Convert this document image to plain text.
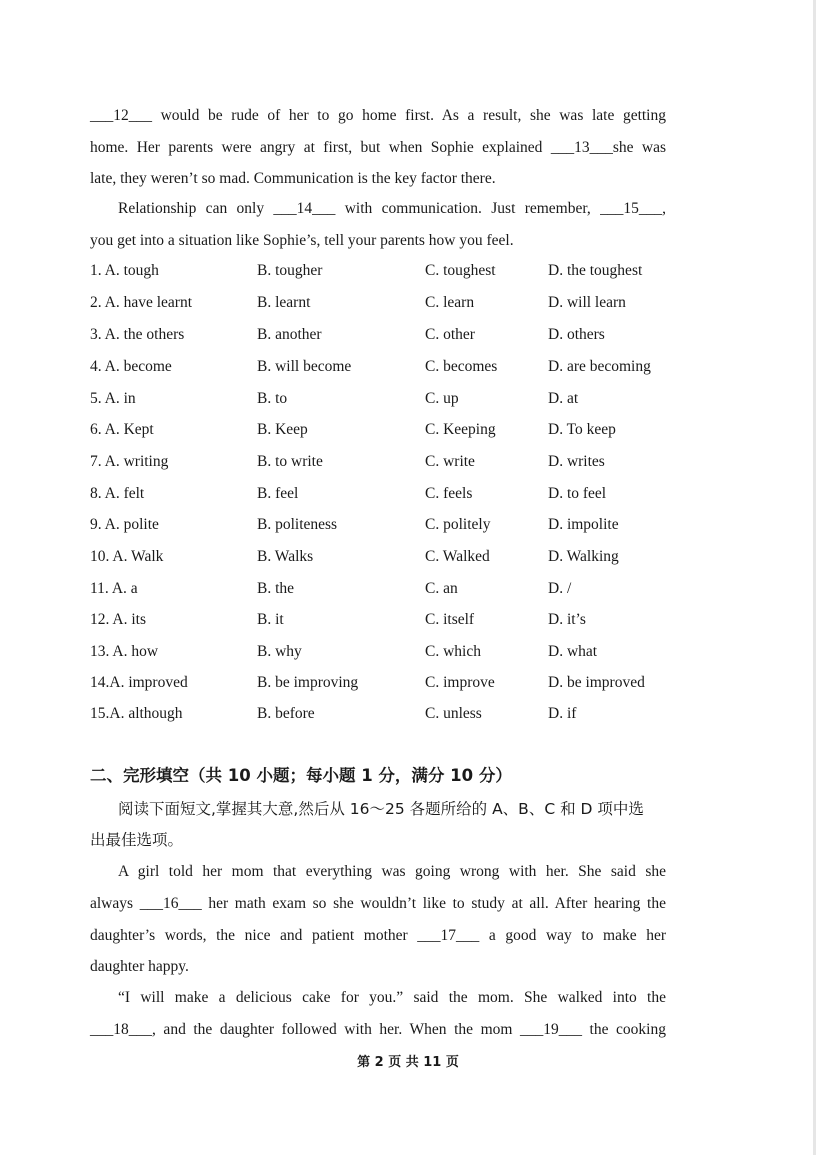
___12___ would be rude of her to go home first. As a result, she was late getting
home. Her parents were angry at first, but when Sophie explained ___13___she was
late, they weren’t so mad. Communication is the key factor there.
Relationship can only ___14___ with communication. Just remember, ___15___,
you get into a situation like Sophie’s, tell your parents how you feel.
1. A. tough	B. tougher	C. toughest	D. the toughest
2. A. have learnt	B. learnt	C. learn	D. will learn
3. A. the others	B. another	C. other	D. others
4. A. become	B. will become	C. becomes	D. are becoming
5. A. in	B. to	C. up	D. at
6. A. Kept	B. Keep	C. Keeping	D. To keep
7. A. writing	B. to write	C. write	D. writes
8. A. felt	B. feel	C. feels	D. to feel
9. A. polite	B. politeness	C. politely	D. impolite
10. A. Walk	B. Walks	C. Walked	D. Walking
11. A. a	B. the	C. an	D. /
12. A. its	B. it	C. itself	D. it’s
13. A. how	B. why	C. which	D. what
14.A. improved	B. be improving	C. improve	D. be improved
15.A. although	B. before	C. unless	D. if
二、完形填空（共 10 小题；每小题 1 分，满分 10 分）
阅读下面短文,掌握其大意,然后从 16～25 各题所给的 A、B、C 和 D 项中选
出最佳选项。
A girl told her mom that everything was going wrong with her. She said she
always ___16___ her math exam so she wouldn’t like to study at all. After hearing the
daughter’s words, the nice and patient mother ___17___ a good way to make her
daughter happy.
“I will make a delicious cake for you.” said the mom. She walked into the
___18___, and the daughter followed with her. When the mom ___19___ the cooking
第 2 页 共 11 页
